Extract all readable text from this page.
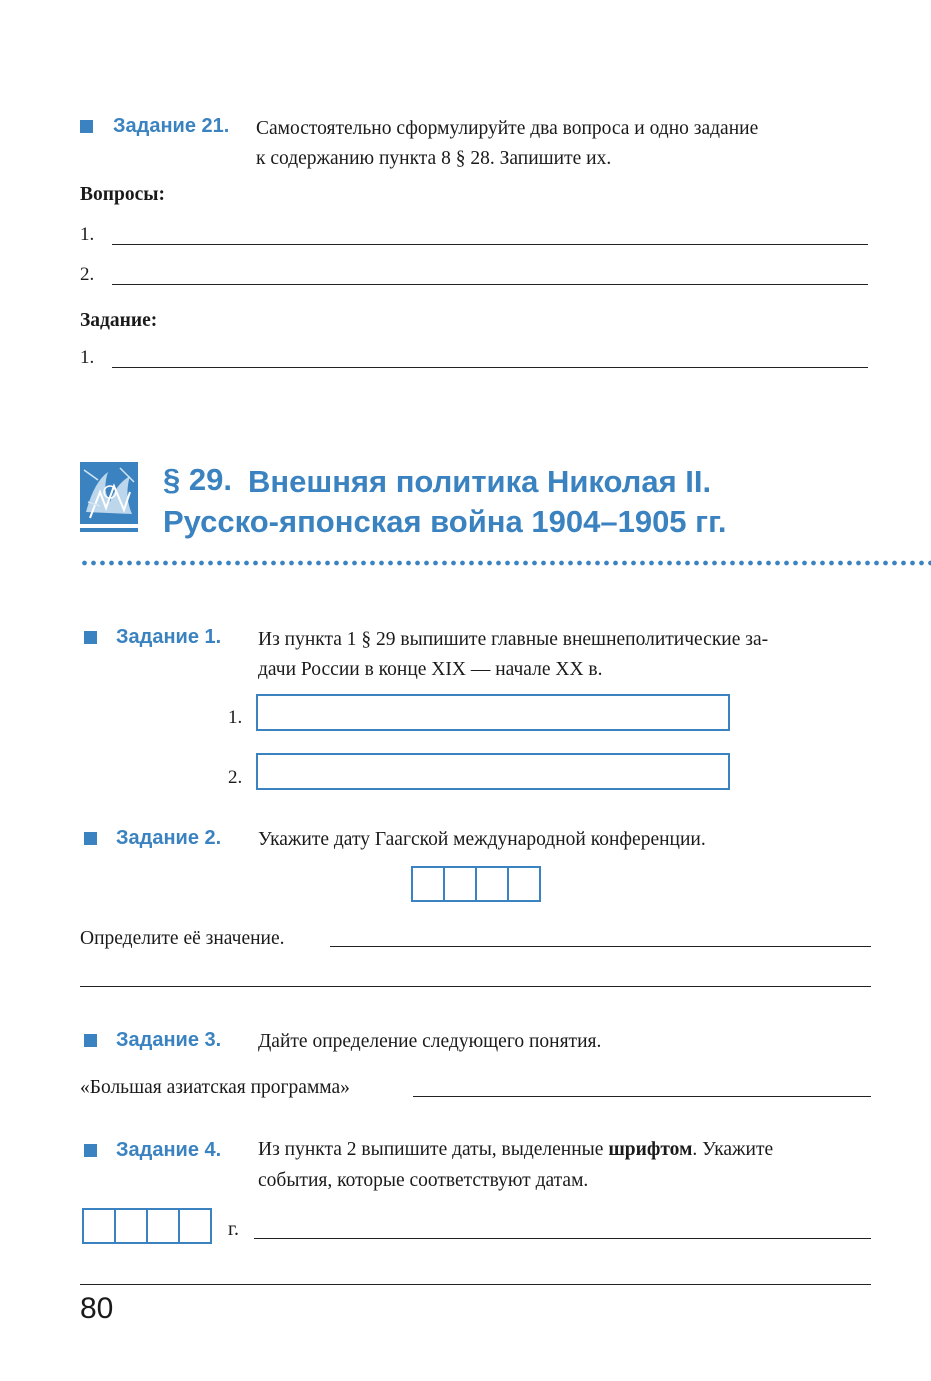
Задание 21. Самостоятельно сформулируйте два вопроса и одно задание
к содержанию пункта 8 § 28. Запишите их.
Вопросы:
1.
2.
Задание:
1.
§ 29. Внешняя политика Николая II.
Русско-японская война 1904–1905 гг.
Задание 1. Из пункта 1 § 29 выпишите главные внешнеполитические за-
дачи России в конце XIX — начале XX в.
1.
2.
Задание 2. Укажите дату Гаагской международной конференции.
Определите её значение.
Задание 3. Дайте определение следующего понятия.
«Большая азиатская программа»
Задание 4. Из пункта 2 выпишите даты, выделенные шрифтом. Укажите
события, которые соответствуют датам.
г.
80
